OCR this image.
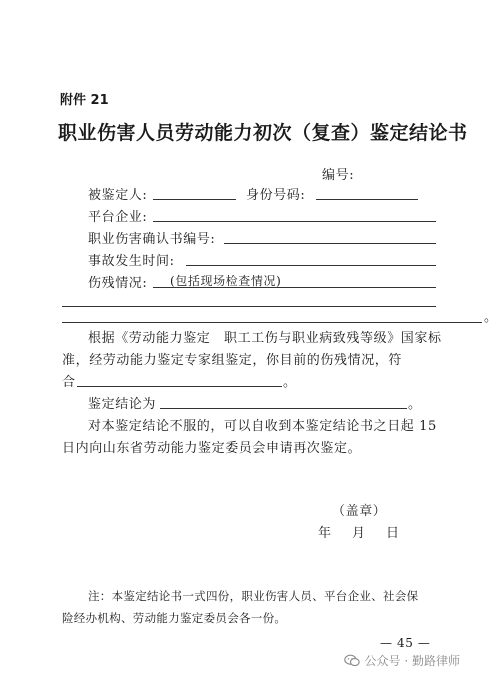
附件 21
职业伤害人员劳动能力初次（复查）鉴定结论书
编号:
被鉴定人:	身份号码:
平台企业:
职业伤害确认书编号:
事故发生时间:
伤残情况: (包括现场检查情况)
。
根据《劳动能力鉴定　职工工伤与职业病致残等级》国家标
准，经劳动能力鉴定专家组鉴定，你目前的伤残情况，符
合	。
鉴定结论为	。
对本鉴定结论不服的，可以自收到本鉴定结论书之日起 15
日内向山东省劳动能力鉴定委员会申请再次鉴定。
（盖章）
年　月　日
注：本鉴定结论书一式四份，职业伤害人员、平台企业、社会保
险经办机构、劳动能力鉴定委员会各一份。
— 45 —
公众号 · 勤路律师
